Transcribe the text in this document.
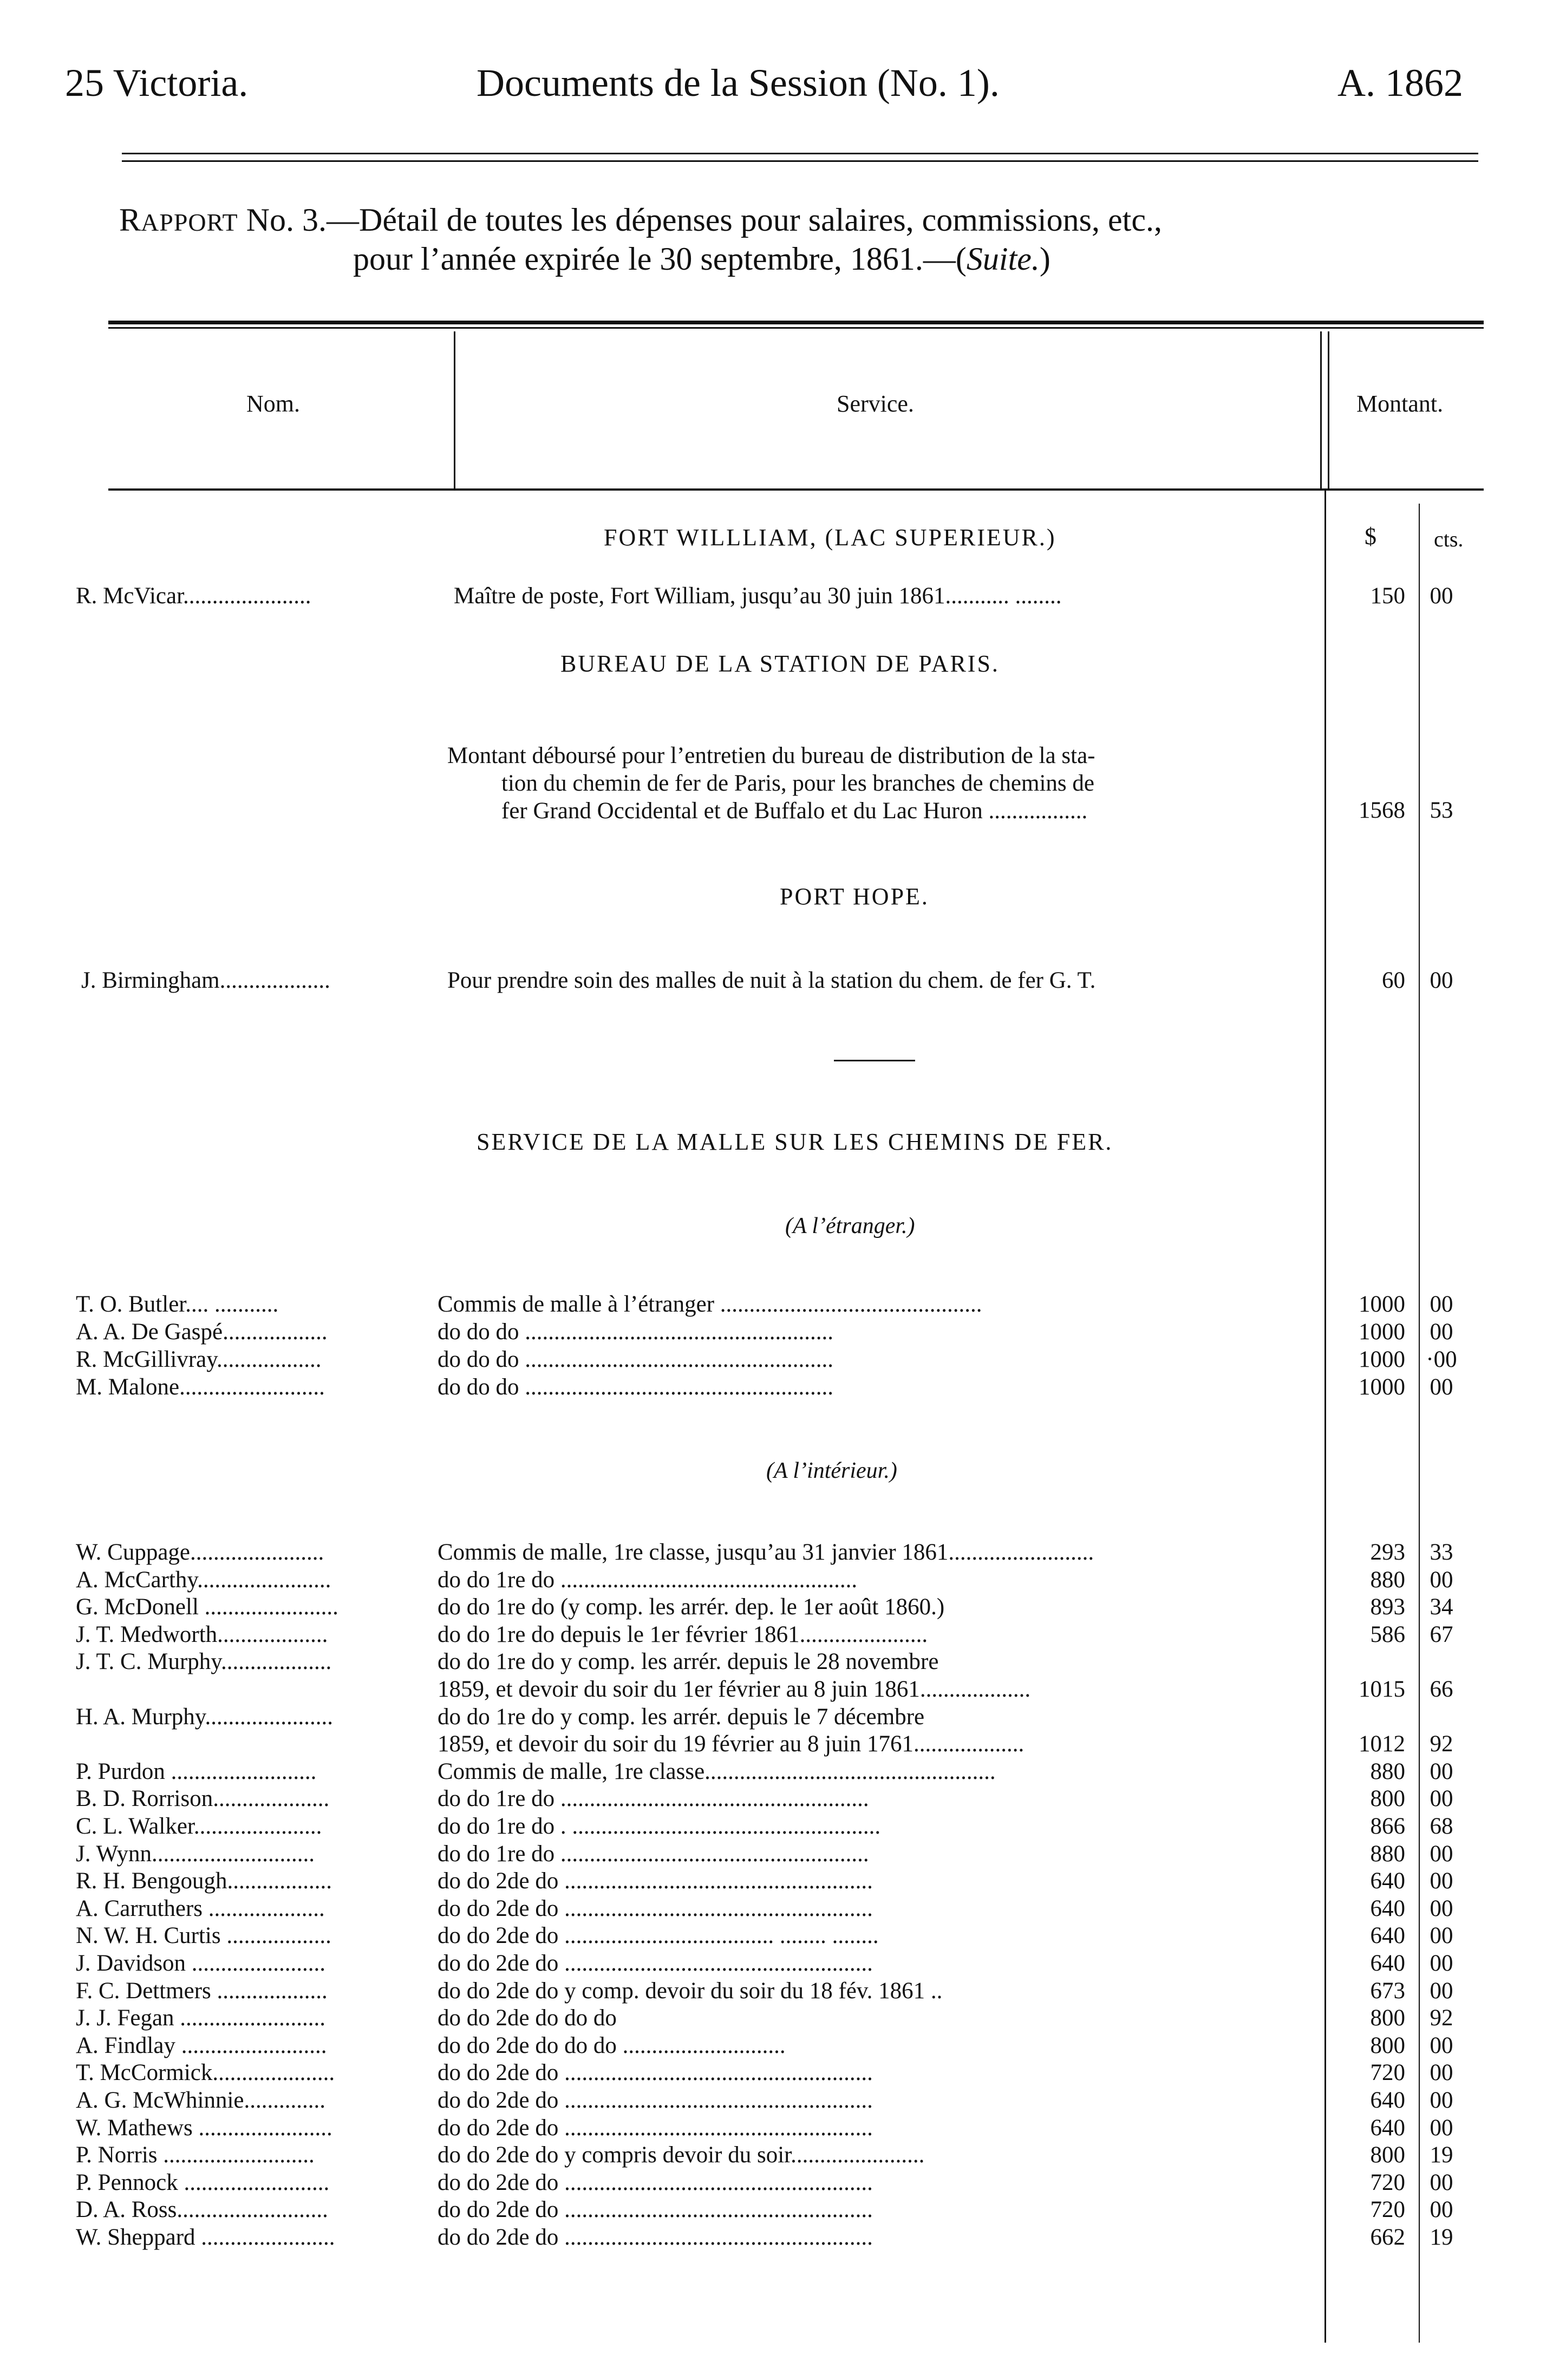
25 Victoria.	Documents de la Session (No. 1).	A. 1862
RAPPORT No. 3.—Détail de toutes les dépenses pour salaires, commissions, etc.,
pour l’année expirée le 30 septembre, 1861.—(Suite.)
Nom.	Service.	Montant.
$	cts.
FORT WILLLIAM, (LAC SUPERIEUR.)
R. McVicar......................	Maître de poste, Fort William, jusqu’au 30 juin 1861........... ........	150	00
BUREAU DE LA STATION DE PARIS.
Montant déboursé pour l’entretien du bureau de distribution de la sta-
tion du chemin de fer de Paris, pour les branches de chemins de
fer Grand Occidental et de Buffalo et du Lac Huron .................	1568	53
PORT HOPE.
J. Birmingham...................	Pour prendre soin des malles de nuit à la station du chem. de fer G. T.	60	00
SERVICE DE LA MALLE SUR LES CHEMINS DE FER.
(A l’étranger.)
T. O. Butler.... ...........	Commis de malle à l’étranger .............................................	1000	00
A. A. De Gaspé..................	do do do .....................................................	1000	00
R. McGillivray..................	do do do .....................................................	1000 ·00
M. Malone.........................	do do do .....................................................	1000	00
(A l’intérieur.)
W. Cuppage.......................	Commis de malle, 1re classe, jusqu’au 31 janvier 1861.........................	293	33
A. McCarthy.......................	do do 1re do ...................................................	880	00
G. McDonell .......................	do do 1re do (y comp. les arrér. dep. le 1er août 1860.)	893	34
J. T. Medworth...................	do do 1re do depuis le 1er février 1861......................	586	67
J. T. C. Murphy...................	do do 1re do y comp. les arrér. depuis le 28 novembre
1859, et devoir du soir du 1er février au 8 juin 1861...................	1015	66
H. A. Murphy......................	do do 1re do y comp. les arrér. depuis le 7 décembre
1859, et devoir du soir du 19 février au 8 juin 1761...................	1012	92
P. Purdon .........................	Commis de malle, 1re classe..................................................	880	00
B. D. Rorrison....................	do do 1re do .....................................................	800	00
C. L. Walker......................	do do 1re do . .....................................................	866	68
J. Wynn............................	do do 1re do .....................................................	880	00
R. H. Bengough..................	do do 2de do .....................................................	640	00
A. Carruthers ....................	do do 2de do .....................................................	640	00
N. W. H. Curtis ..................	do do 2de do .................................... ........ ........	640	00
J. Davidson .......................	do do 2de do .....................................................	640	00
F. C. Dettmers ...................	do do 2de do y comp. devoir du soir du 18 fév. 1861 ..	673	00
J. J. Fegan .........................	do do 2de do do do	800	92
A. Findlay .........................	do do 2de do do do ............................	800	00
T. McCormick.....................	do do 2de do .....................................................	720	00
A. G. McWhinnie..............	do do 2de do .....................................................	640	00
W. Mathews .......................	do do 2de do .....................................................	640	00
P. Norris ..........................	do do 2de do y compris devoir du soir.......................	800	19
P. Pennock .........................	do do 2de do .....................................................	720	00
D. A. Ross..........................	do do 2de do .....................................................	720	00
W. Sheppard .......................	do do 2de do .....................................................	662	19
